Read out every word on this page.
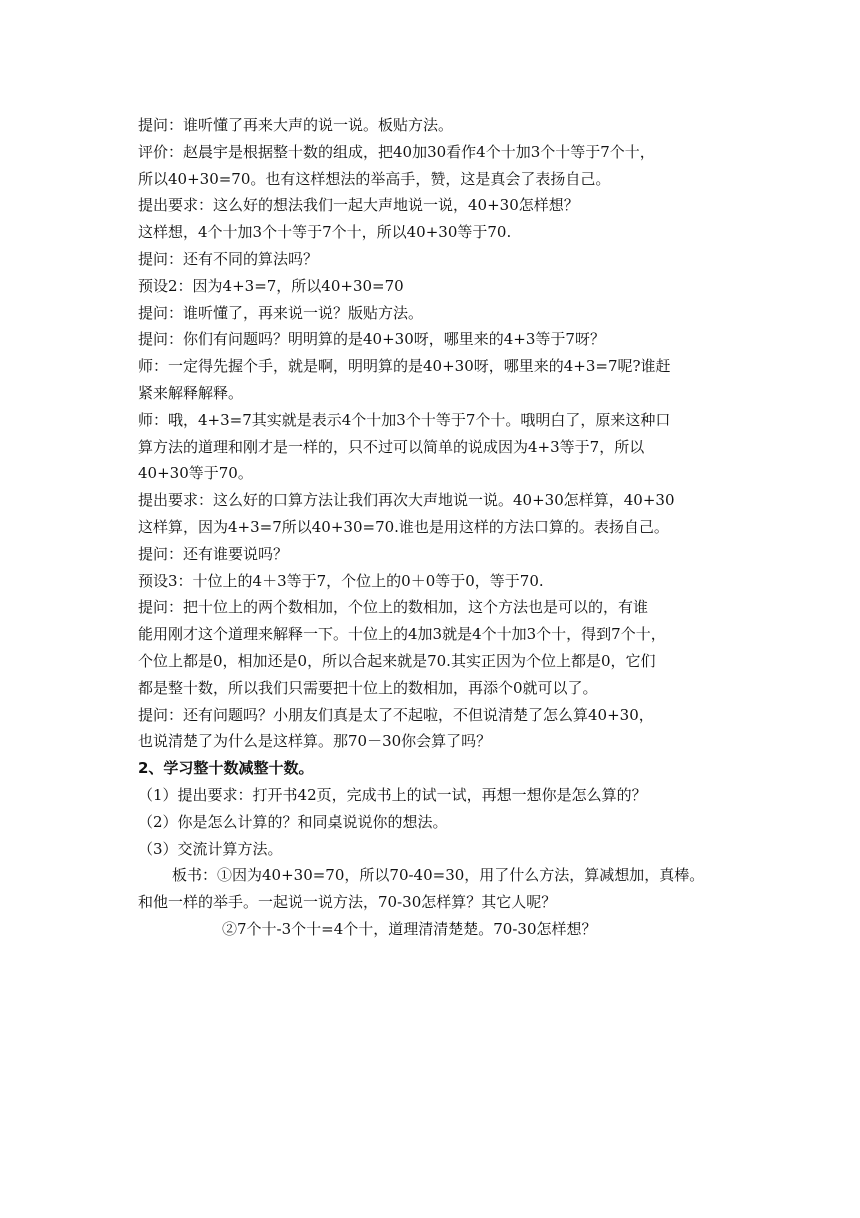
提问：谁听懂了再来大声的说一说。板贴方法。

评价：赵晨宇是根据整十数的组成，把40加30看作4个十加3个十等于7个十，

所以40+30=70。也有这样想法的举高手，赞，这是真会了表扬自己。

提出要求：这么好的想法我们一起大声地说一说，40+30怎样想？

这样想，4个十加3个十等于7个十，所以40+30等于70.

提问：还有不同的算法吗？

预设2：因为4+3=7，所以40+30=70

提问：谁听懂了，再来说一说？版贴方法。

提问：你们有问题吗？明明算的是40+30呀，哪里来的4+3等于7呀？

师：一定得先握个手，就是啊，明明算的是40+30呀，哪里来的4+3=7呢?谁赶

紧来解释解释。

师：哦，4+3=7其实就是表示4个十加3个十等于7个十。哦明白了，原来这种口

算方法的道理和刚才是一样的，只不过可以简单的说成因为4+3等于7，所以

40+30等于70。

提出要求：这么好的口算方法让我们再次大声地说一说。40+30怎样算，40+30

这样算，因为4+3=7所以40+30=70.谁也是用这样的方法口算的。表扬自己。

提问：还有谁要说吗？

预设3：十位上的4＋3等于7，个位上的0＋0等于0，等于70.

提问：把十位上的两个数相加，个位上的数相加，这个方法也是可以的，有谁

能用刚才这个道理来解释一下。十位上的4加3就是4个十加3个十，得到7个十，

个位上都是0，相加还是0，所以合起来就是70.其实正因为个位上都是0，它们

都是整十数，所以我们只需要把十位上的数相加，再添个0就可以了。

提问：还有问题吗？小朋友们真是太了不起啦，不但说清楚了怎么算40+30，

也说清楚了为什么是这样算。那70－30你会算了吗？

2、学习整十数减整十数。

（1）提出要求：打开书42页，完成书上的试一试，再想一想你是怎么算的？

（2）你是怎么计算的？和同桌说说你的想法。

（3）交流计算方法。

板书：①因为40+30=70，所以70-40=30，用了什么方法，算减想加，真棒。

和他一样的举手。一起说一说方法，70-30怎样算？其它人呢？

②7个十-3个十=4个十，道理清清楚楚。70-30怎样想？
